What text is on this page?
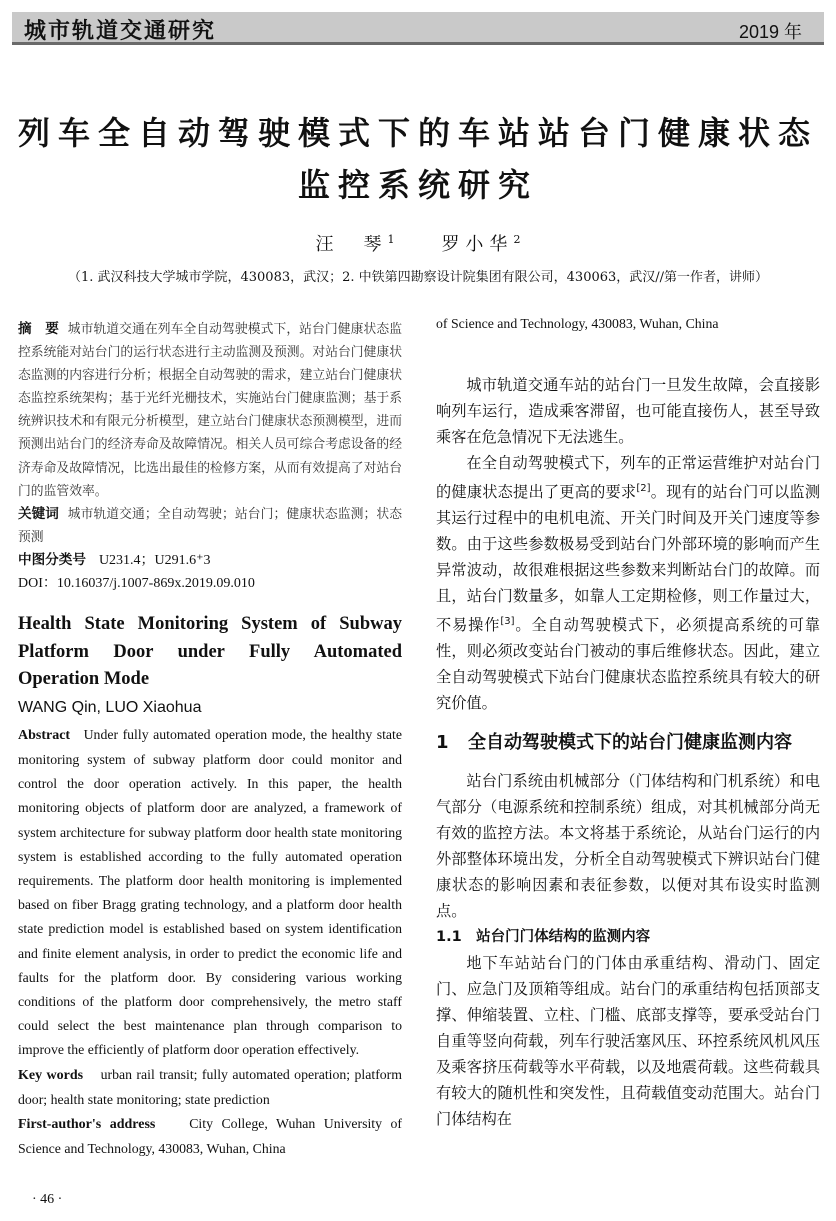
城市轨道交通研究	2019 年
列车全自动驾驶模式下的车站站台门健康状态
监控系统研究
汪　琴$^1$	罗小华$^2$
（1. 武汉科技大学城市学院，430083，武汉；2. 中铁第四勘察设计院集团有限公司，430063，武汉//第一作者，讲师）
摘　要 城市轨道交通在列车全自动驾驶模式下，站台门健康状态监控系统能对站台门的运行状态进行主动监测及预测。对站台门健康状态监测的内容进行分析；根据全自动驾驶的需求，建立站台门健康状态监控系统架构；基于光纤光栅技术，实施站台门健康监测；基于系统辨识技术和有限元分析模型，建立站台门健康状态预测模型，进而预测出站台门的经济寿命及故障情况。相关人员可综合考虑设备的经济寿命及故障情况，比选出最佳的检修方案，从而有效提高了对站台门的监管效率。
关键词 城市轨道交通；全自动驾驶；站台门；健康状态监测；状态预测
中图分类号 U231.4；U291.6⁺3
DOI：10.16037/j.1007-869x.2019.09.010
Health State Monitoring System of Subway Platform Door under Fully Automated Operation Mode
WANG Qin, LUO Xiaohua
Abstract Under fully automated operation mode, the healthy state monitoring system of subway platform door could monitor and control the door operation actively. In this paper, the health monitoring objects of platform door are analyzed, a framework of system architecture for subway platform door health state monitoring system is established according to the fully automated operation requirements. The platform door health monitoring is implemented based on fiber Bragg grating technology, and a platform door health state prediction model is established based on system identification and finite element analysis, in order to predict the economic life and faults for the platform door. By considering various working conditions of the platform door comprehensively, the metro staff could select the best maintenance plan through comparison to improve the efficiently of platform door operation effectively.
Key words urban rail transit; fully automated operation; platform door; health state monitoring; state prediction
First-author's address City College, Wuhan University of Science and Technology, 430083, Wuhan, China
of Science and Technology, 430083, Wuhan, China

城市轨道交通车站的站台门一旦发生故障，会直接影响列车运行，造成乘客滞留，也可能直接伤人，甚至导致乘客在危急情况下无法逃生。

在全自动驾驶模式下，列车的正常运营维护对站台门的健康状态提出了更高的要求[2]。现有的站台门可以监测其运行过程中的电机电流、开关门时间及开关门速度等参数。由于这些参数极易受到站台门外部环境的影响而产生异常波动，故很难根据这些参数来判断站台门的故障。而且，站台门数量多，如靠人工定期检修，则工作量过大，不易操作[3]。全自动驾驶模式下，必须提高系统的可靠性，则必须改变站台门被动的事后维修状态。因此，建立全自动驾驶模式下站台门健康状态监控系统具有较大的研究价值。

1	全自动驾驶模式下的站台门健康监测内容

站台门系统由机械部分（门体结构和门机系统）和电气部分（电源系统和控制系统）组成，对其机械部分尚无有效的监控方法。本文将基于系统论，从站台门运行的内外部整体环境出发，分析全自动驾驶模式下辨识站台门健康状态的影响因素和表征参数，以便对其布设实时监测点。

1.1　站台门门体结构的监测内容

地下车站站台门的门体由承重结构、滑动门、固定门、应急门及顶箱等组成。站台门的承重结构包括顶部支撑、伸缩装置、立柱、门槛、底部支撑等，要承受站台门自重等竖向荷载，列车行驶活塞风压、环控系统风机风压及乘客挤压荷载等水平荷载，以及地震荷载。这些荷载具有较大的随机性和突发性，且荷载值变动范围大。站台门门体结构在

· 46 ·
